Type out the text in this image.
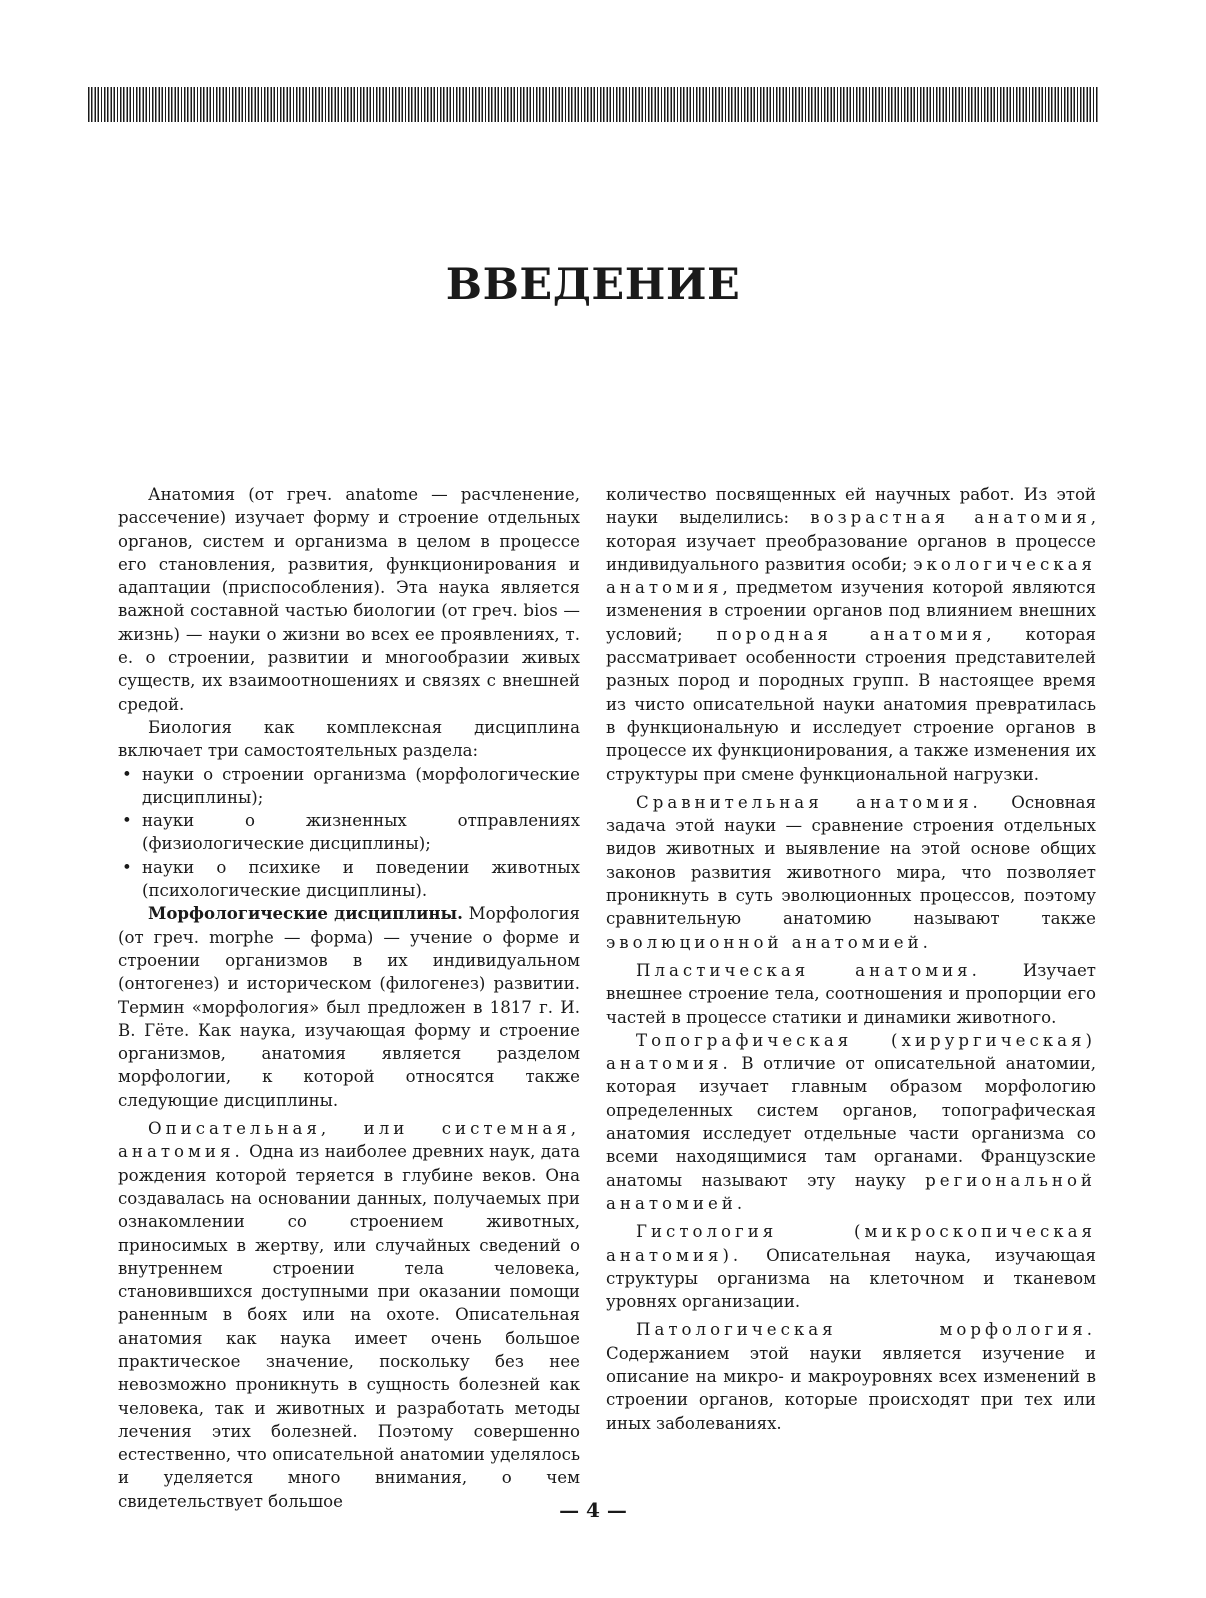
ВВЕДЕНИЕ

Анатомия (от греч. anatome — расчленение, рассечение) изучает форму и строение отдельных органов, систем и организма в целом в процессе его становления, развития, функционирования и адаптации (приспособления). Эта наука является важной составной частью биологии (от греч. bios — жизнь) — науки о жизни во всех ее проявлениях, т. е. о строении, развитии и многообразии живых существ, их взаимоотношениях и связях с внешней средой.

Биология как комплексная дисциплина включает три самостоятельных раздела:

• науки о строении организма (морфологические дисциплины);
• науки о жизненных отправлениях (физиологические дисциплины);
• науки о психике и поведении животных (психологические дисциплины).

Морфологические дисциплины. Морфология (от греч. morphe — форма) — учение о форме и строении организмов в их индивидуальном (онтогенез) и историческом (филогенез) развитии. Термин «морфология» был предложен в 1817 г. И. В. Гёте. Как наука, изучающая форму и строение организмов, анатомия является разделом морфологии, к которой относятся также следующие дисциплины.

Описательная, или системная, анатомия. Одна из наиболее древних наук, дата рождения которой теряется в глубине веков. Она создавалась на основании данных, получаемых при ознакомлении со строением животных, приносимых в жертву, или случайных сведений о внутреннем строении тела человека, становившихся доступными при оказании помощи раненным в боях или на охоте. Описательная анатомия как наука имеет очень большое практическое значение, поскольку без нее невозможно проникнуть в сущность болезней как человека, так и животных и разработать методы лечения этих болезней. Поэтому совершенно естественно, что описательной анатомии уделялось и уделяется много внимания, о чем свидетельствует большое

количество посвященных ей научных работ. Из этой науки выделились: возрастная анатомия, которая изучает преобразование органов в процессе индивидуального развития особи; экологическая анатомия, предметом изучения которой являются изменения в строении органов под влиянием внешних условий; породная анатомия, которая рассматривает особенности строения представителей разных пород и породных групп. В настоящее время из чисто описательной науки анатомия превратилась в функциональную и исследует строение органов в процессе их функционирования, а также изменения их структуры при смене функциональной нагрузки.

Сравнительная анатомия. Основная задача этой науки — сравнение строения отдельных видов животных и выявление на этой основе общих законов развития животного мира, что позволяет проникнуть в суть эволюционных процессов, поэтому сравнительную анатомию называют также эволюционной анатомией.

Пластическая анатомия. Изучает внешнее строение тела, соотношения и пропорции его частей в процессе статики и динамики животного.

Топографическая (хирургическая) анатомия. В отличие от описательной анатомии, которая изучает главным образом морфологию определенных систем органов, топографическая анатомия исследует отдельные части организма со всеми находящимися там органами. Французские анатомы называют эту науку региональной анатомией.

Гистология (микроскопическая анатомия). Описательная наука, изучающая структуры организма на клеточном и тканевом уровнях организации.

Патологическая морфология. Содержанием этой науки является изучение и описание на микро- и макроуровнях всех изменений в строении органов, которые происходят при тех или иных заболеваниях.

— 4 —
